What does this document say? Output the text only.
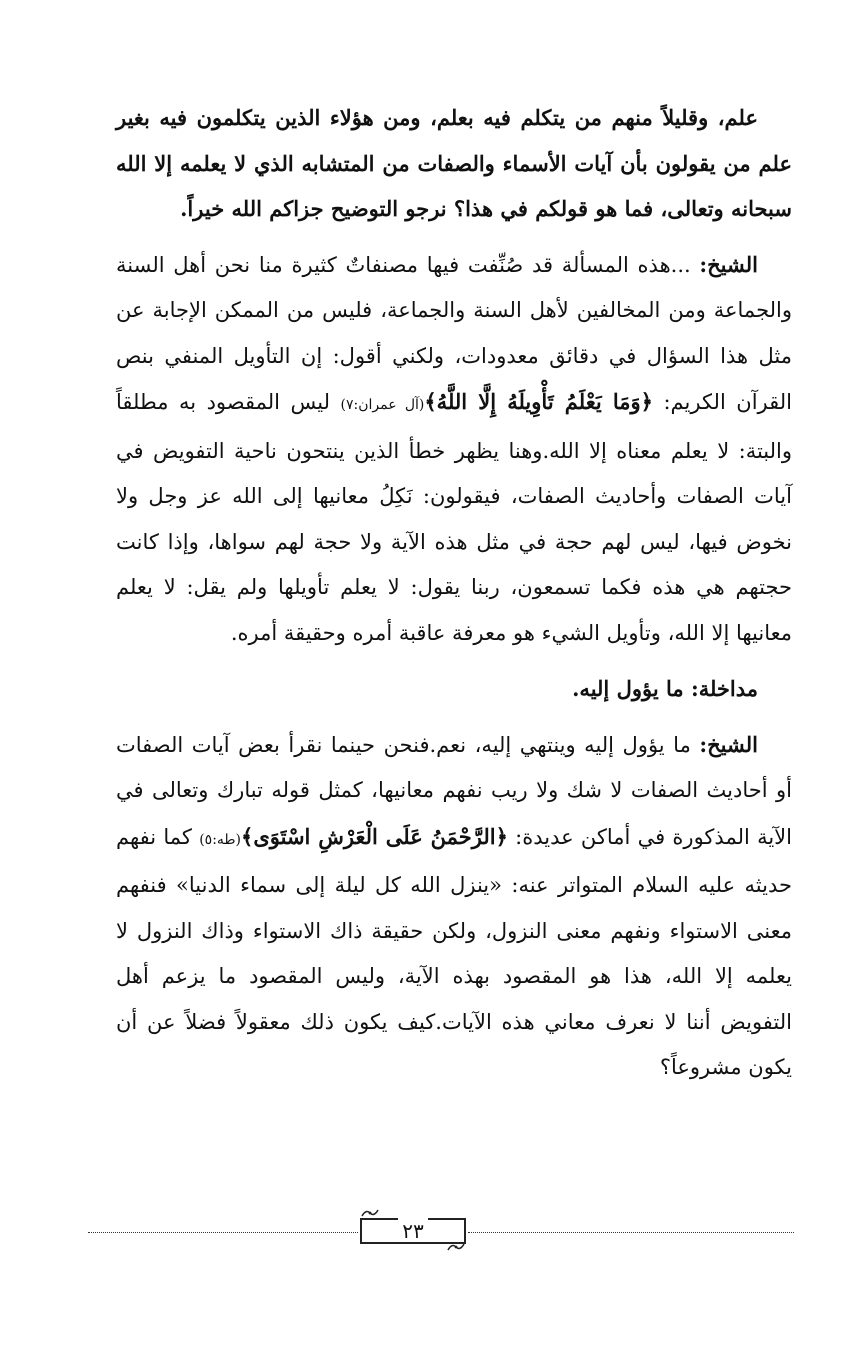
علم، وقليلاً منهم من يتكلم فيه بعلم، ومن هؤلاء الذين يتكلمون فيه بغير علم من يقولون بأن آيات الأسماء والصفات من المتشابه الذي لا يعلمه إلا الله سبحانه وتعالى، فما هو قولكم في هذا؟ نرجو التوضيح جزاكم الله خيراً.

الشيخ: ...هذه المسألة قد صُنِّفت فيها مصنفاتٌ كثيرة منا نحن أهل السنة والجماعة ومن المخالفين لأهل السنة والجماعة، فليس من الممكن الإجابة عن مثل هذا السؤال في دقائق معدودات، ولكني أقول: إن التأويل المنفي بنص القرآن الكريم: ﴿وَمَا يَعْلَمُ تَأْوِيلَهُ إِلَّا اللَّهُ﴾(آل عمران:٧) ليس المقصود به مطلقاً والبتة: لا يعلم معناه إلا الله.وهنا يظهر خطأ الذين ينتحون ناحية التفويض في آيات الصفات وأحاديث الصفات، فيقولون: نَكِلُ معانيها إلى الله عز وجل ولا نخوض فيها، ليس لهم حجة في مثل هذه الآية ولا حجة لهم سواها، وإذا كانت حجتهم هي هذه فكما تسمعون، ربنا يقول: لا يعلم تأويلها ولم يقل: لا يعلم معانيها إلا الله، وتأويل الشيء هو معرفة عاقبة أمره وحقيقة أمره.

مداخلة: ما يؤول إليه.

الشيخ: ما يؤول إليه وينتهي إليه، نعم.فنحن حينما نقرأ بعض آيات الصفات أو أحاديث الصفات لا شك ولا ريب نفهم معانيها، كمثل قوله تبارك وتعالى في الآية المذكورة في أماكن عديدة: ﴿الرَّحْمَنُ عَلَى الْعَرْشِ اسْتَوَى﴾(طه:٥) كما نفهم حديثه عليه السلام المتواتر عنه: «ينزل الله كل ليلة إلى سماء الدنيا» فنفهم معنى الاستواء ونفهم معنى النزول، ولكن حقيقة ذاك الاستواء وذاك النزول لا يعلمه إلا الله، هذا هو المقصود بهذه الآية، وليس المقصود ما يزعم أهل التفويض أننا لا نعرف معاني هذه الآيات.كيف يكون ذلك معقولاً فضلاً عن أن يكون مشروعاً؟

٢٣
